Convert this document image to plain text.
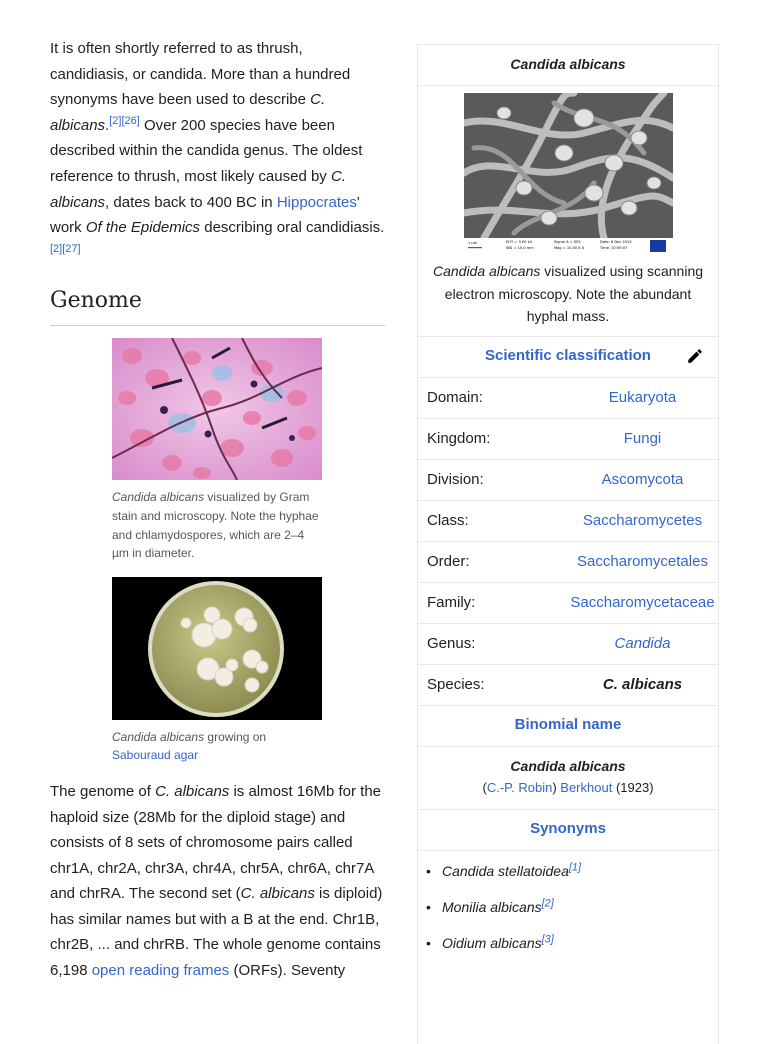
It is often shortly referred to as thrush, candidiasis, or candida. More than a hundred synonyms have been used to describe C. albicans.[2][26] Over 200 species have been described within the candida genus. The oldest reference to thrush, most likely caused by C. albicans, dates back to 400 BC in Hippocrates' work Of the Epidemics describing oral candidiasis.[2][27]

Genome
Candida albicans visualized by Gram stain and microscopy. Note the hyphae and chlamydospores, which are 2–4 µm in diameter.
Candida albicans growing on Sabouraud agar

The genome of C. albicans is almost 16Mb for the haploid size (28Mb for the diploid stage) and consists of 8 sets of chromosome pairs called chr1A, chr2A, chr3A, chr4A, chr5A, chr6A, chr7A and chrRA. The second set (C. albicans is diploid) has similar names but with a B at the end. Chr1B, chr2B, ... and chrRB. The whole genome contains 6,198 open reading frames (ORFs). Seventy

Candida albicans
1 µm	EHT = 3.00 kV
WD = 10.0 mm
Signal A = SE2
Mag = 10.00 K X
Date: 8 Dec 2015
Time: 10:09:07
Candida albicans visualized using scanning electron microscopy. Note the abundant hyphal mass.
Scientific classification
Domain:	Eukaryota
Kingdom:	Fungi
Division:	Ascomycota
Class:	Saccharomycetes
Order:	Saccharomycetales
Family:	Saccharomycetaceae
Genus:	Candida
Species:	C. albicans
Binomial name
Candida albicans
(C.-P. Robin) Berkhout (1923)
Synonyms
• Candida stellatoidea[1]
• Monilia albicans[2]
• Oidium albicans[3]
